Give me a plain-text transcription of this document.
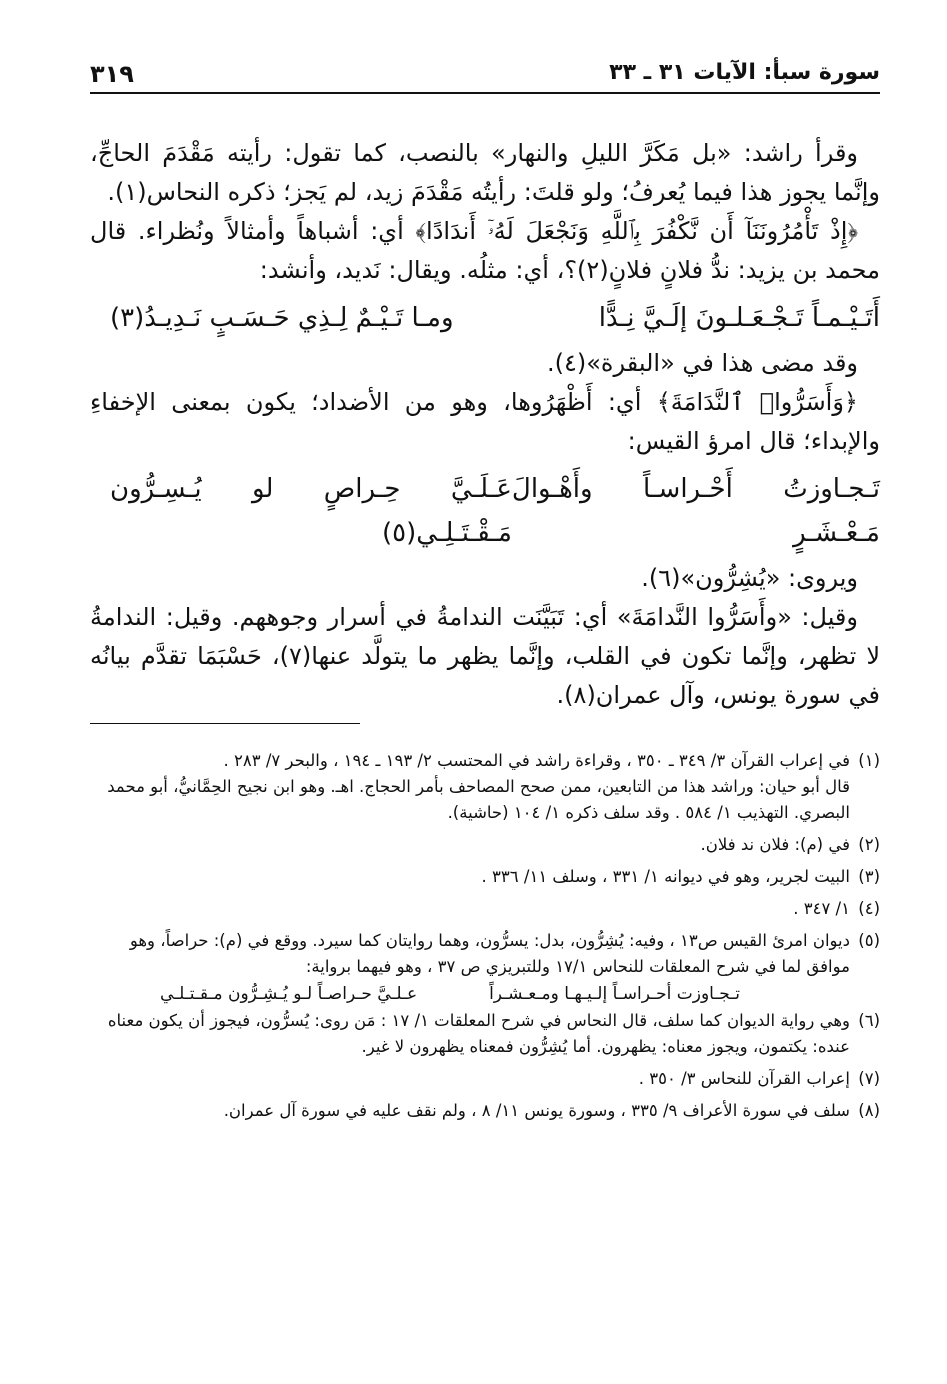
سورة سبأ: الآيات ٣١ ـ ٣٣
٣١٩

وقرأ راشد: «بل مَكَرَّ الليلِ والنهار» بالنصب، كما تقول: رأيته مَقْدَمَ الحاجِّ، وإنَّما يجوز هذا فيما يُعرفُ؛ ولو قلتَ: رأيتُه مَقْدَمَ زيد، لم يَجز؛ ذكره النحاس(١).

﴿إِذْ تَأْمُرُونَنَآ أَن نَّكْفُرَ بِٱللَّهِ وَنَجْعَلَ لَهُۥٓ أَندَادًا﴾ أي: أشباهاً وأمثالاً ونُظراء. قال محمد بن يزيد: ندُّ فلانٍ فلانٍ(٢)؟، أي: مثلُه. ويقال: نَديد، وأنشد:

أَتَـيْـمـاً تَـجْـعَـلـونَ إلَـيَّ نِـدًّا
ومـا تَـيْـمٌ لِـذِي حَـسَـبٍ نَـدِيـدُ(٣)

وقد مضى هذا في «البقرة»(٤).

﴿وَأَسَرُّوا۟ ٱلنَّدَامَةَ﴾ أي: أَظْهَرُوها، وهو من الأضداد؛ يكون بمعنى الإخفاءِ والإبداء؛ قال امرؤ القيس:

تَـجـاوزتُ أَحْـراسـاً وأَهْـوالَ مَـعْـشَـرٍ
عَـلَـيَّ حِـراصٍ لو يُـسِـرُّون مَـقْـتَـلِـي(٥)

ويروى: «يُشِرُّون»(٦).

وقيل: «وأَسَرُّوا النَّدامَةَ» أي: تَبَيَّنَت الندامةُ في أسرار وجوههم. وقيل: الندامةُ لا تظهر، وإنَّما تكون في القلب، وإنَّما يظهر ما يتولَّد عنها(٧)، حَسْبَمَا تقدَّم بيانُه في سورة يونس، وآل عمران(٨).

(١)
في إعراب القرآن ٣/ ٣٤٩ ـ ٣٥٠ ، وقراءة راشد في المحتسب ٢/ ١٩٣ ـ ١٩٤ ، والبحر ٧/ ٢٨٣ .

قال أبو حيان: وراشد هذا من التابعين، ممن صحح المصاحف بأمر الحجاج. اهـ. وهو ابن نجيح الحِمَّانيُّ، أبو محمد البصري. التهذيب ١/ ٥٨٤ . وقد سلف ذكره ١/ ١٠٤ (حاشية).

(٢)
في (م): فلان ند فلان.

(٣)
البيت لجرير، وهو في ديوانه ١/ ٣٣١ ، وسلف ١١/ ٣٣٦ .

(٤)
١/ ٣٤٧ .

(٥)
ديوان امرئ القيس ص١٣ ، وفيه: يُشِرُّون، بدل: يسرُّون، وهما روايتان كما سيرد. ووقع في (م): حراصاً، وهو موافق لما في شرح المعلقات للنحاس ١٧/١ وللتبريزي ص ٣٧ ، وهو فيهما برواية:

تـجـاوزت أحـراسـاً إلـيـهـا ومـعـشـراً
عـلـيَّ حـراصـاً لـو يُـشِـرُّون مـقـتـلـي

(٦)
وهي رواية الديوان كما سلف، قال النحاس في شرح المعلقات ١/ ١٧ : مَن روى: يُسرُّون، فيجوز أن يكون معناه عنده: يكتمون، ويجوز معناه: يظهرون. أما يُشِرُّون فمعناه يظهرون لا غير.

(٧)
إعراب القرآن للنحاس ٣/ ٣٥٠ .

(٨)
سلف في سورة الأعراف ٩/ ٣٣٥ ، وسورة يونس ١١/ ٨ ، ولم نقف عليه في سورة آل عمران.
